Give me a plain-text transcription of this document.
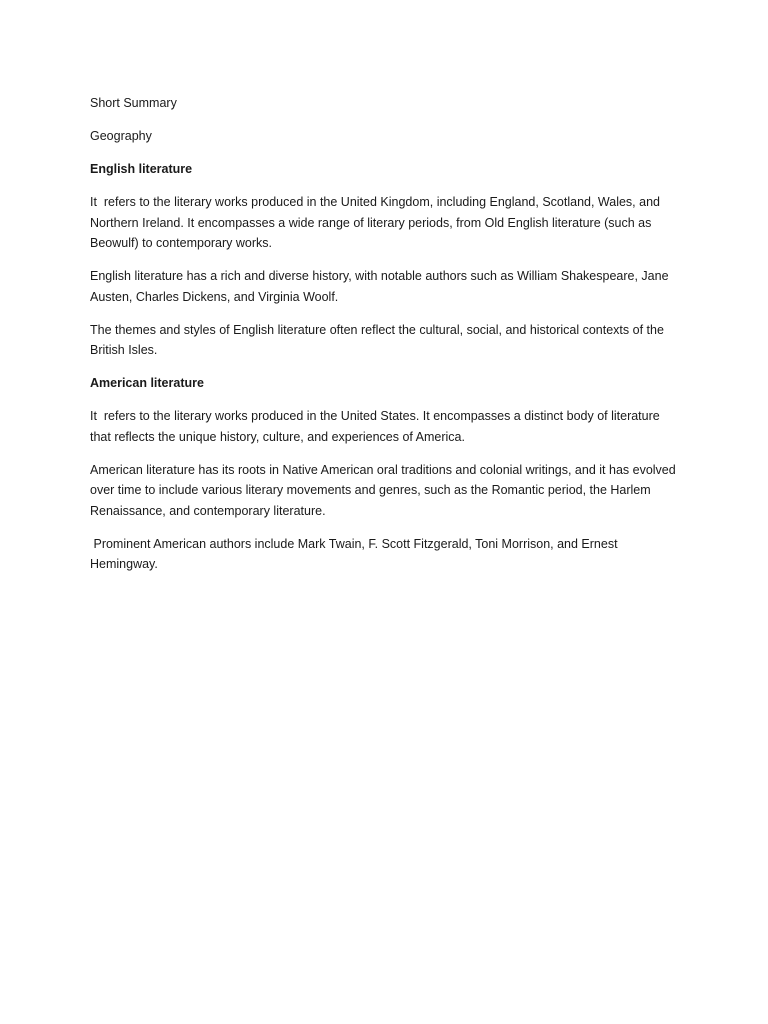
Short Summary

Geography

English literature

It  refers to the literary works produced in the United Kingdom, including England, Scotland, Wales, and Northern Ireland. It encompasses a wide range of literary periods, from Old English literature (such as Beowulf) to contemporary works.

English literature has a rich and diverse history, with notable authors such as William Shakespeare, Jane Austen, Charles Dickens, and Virginia Woolf.

The themes and styles of English literature often reflect the cultural, social, and historical contexts of the British Isles.

American literature

It  refers to the literary works produced in the United States. It encompasses a distinct body of literature that reflects the unique history, culture, and experiences of America.

American literature has its roots in Native American oral traditions and colonial writings, and it has evolved over time to include various literary movements and genres, such as the Romantic period, the Harlem Renaissance, and contemporary literature.

Prominent American authors include Mark Twain, F. Scott Fitzgerald, Toni Morrison, and Ernest Hemingway.
